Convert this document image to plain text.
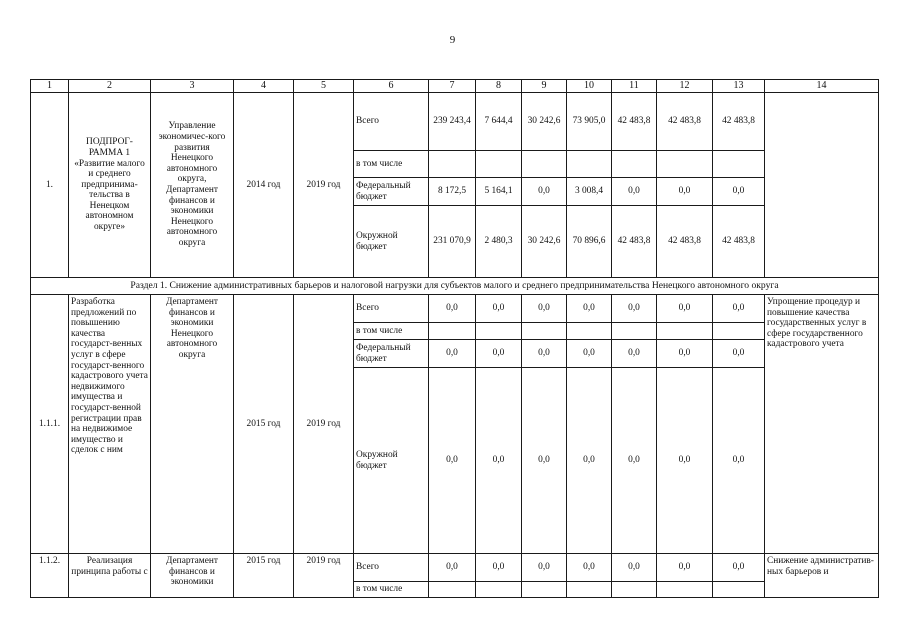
9
1	2	3	4	5	6	7	8	9	10	11	12	13	14
1.	ПОДПРОГ-РАММА 1 «Развитие малого и среднего предпринима-тельства в Ненецком автономном округе»	Управление экономичес-кого развития Ненецкого автономного округа, Департамент финансов и экономики Ненецкого автономного округа	2014 год	2019 год	Всего	239 243,4	7 644,4	30 242,6	73 905,0	42 483,8	42 483,8	42 483,8	
					в том числе								
					Федеральный бюджет	8 172,5	5 164,1	0,0	3 008,4	0,0	0,0	0,0	
					Окружной бюджет	231 070,9	2 480,3	30 242,6	70 896,6	42 483,8	42 483,8	42 483,8	
Раздел 1. Снижение административных барьеров и налоговой нагрузки для субъектов малого и среднего предпринимательства Ненецкого автономного округа													
1.1.1.	Разработка предложений по повышению качества государст-венных услуг в сфере государст-венного кадастрового учета недвижимого имущества и государст-венной регистрации прав на недвижимое имущество и сделок с ним	Департамент финансов и экономики Ненецкого автономного округа	2015 год	2019 год	Всего	0,0	0,0	0,0	0,0	0,0	0,0	0,0	Упрощение процедур и повышение качества государственных услуг в сфере государственного кадастрового учета
					в том числе								
					Федеральный бюджет	0,0	0,0	0,0	0,0	0,0	0,0	0,0	
					Окружной бюджет	0,0	0,0	0,0	0,0	0,0	0,0	0,0	
1.1.2.	Реализация принципа работы с	Департамент финансов и экономики	2015 год	2019 год	Всего	0,0	0,0	0,0	0,0	0,0	0,0	0,0	Снижение административ-ных барьеров и
					в том числе								
